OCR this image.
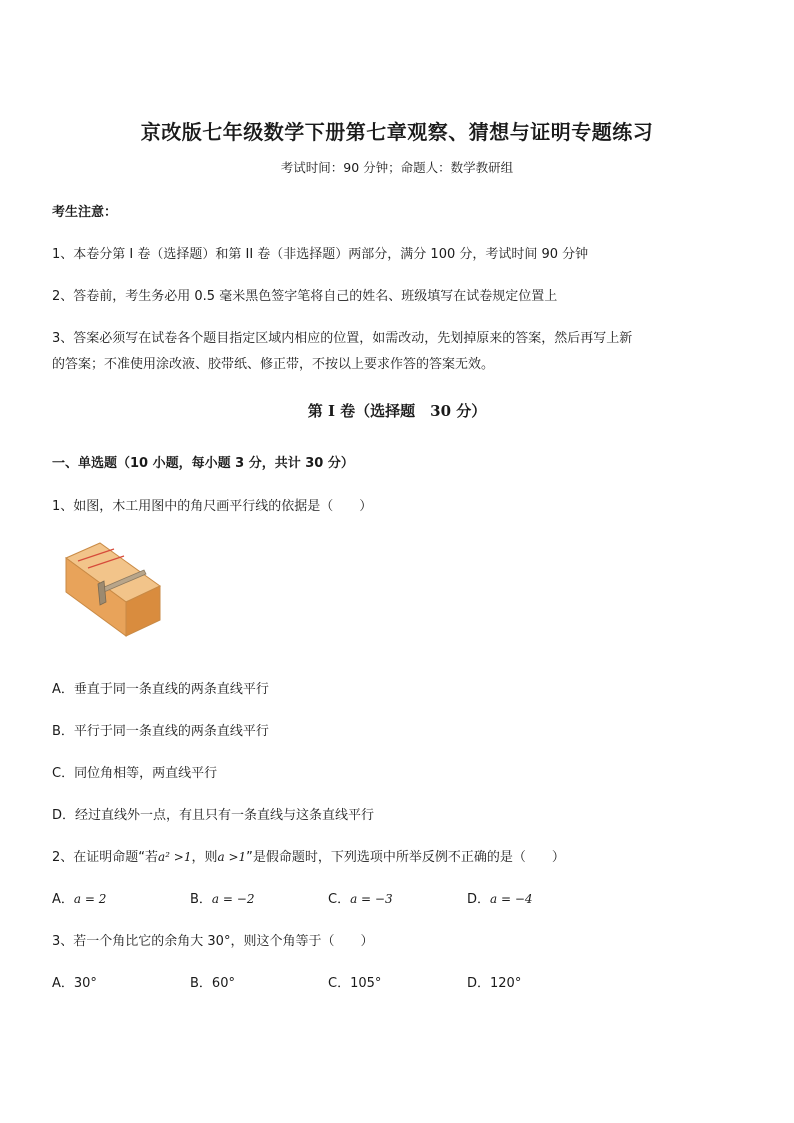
京改版七年级数学下册第七章观察、猜想与证明专题练习
考试时间：90 分钟；命题人：数学教研组
考生注意：
1、本卷分第 I 卷（选择题）和第 II 卷（非选择题）两部分，满分 100 分，考试时间 90 分钟
2、答卷前，考生务必用 0.5 毫米黑色签字笔将自己的姓名、班级填写在试卷规定位置上
3、答案必须写在试卷各个题目指定区域内相应的位置，如需改动，先划掉原来的答案，然后再写上新
的答案；不准使用涂改液、胶带纸、修正带，不按以上要求作答的答案无效。
第 I 卷（选择题　30 分）
一、单选题（10 小题，每小题 3 分，共计 30 分）
1、如图，木工用图中的角尺画平行线的依据是（　　）
A．垂直于同一条直线的两条直线平行
B．平行于同一条直线的两条直线平行
C．同位角相等，两直线平行
D．经过直线外一点，有且只有一条直线与这条直线平行
2、在证明命题“若a² >1，则a >1”是假命题时，下列选项中所举反例不正确的是（　　）
A．a = 2	B．a = −2	C．a = −3	D．a = −4
3、若一个角比它的余角大 30°，则这个角等于（　　）
A．30°	B．60°	C．105°	D．120°
